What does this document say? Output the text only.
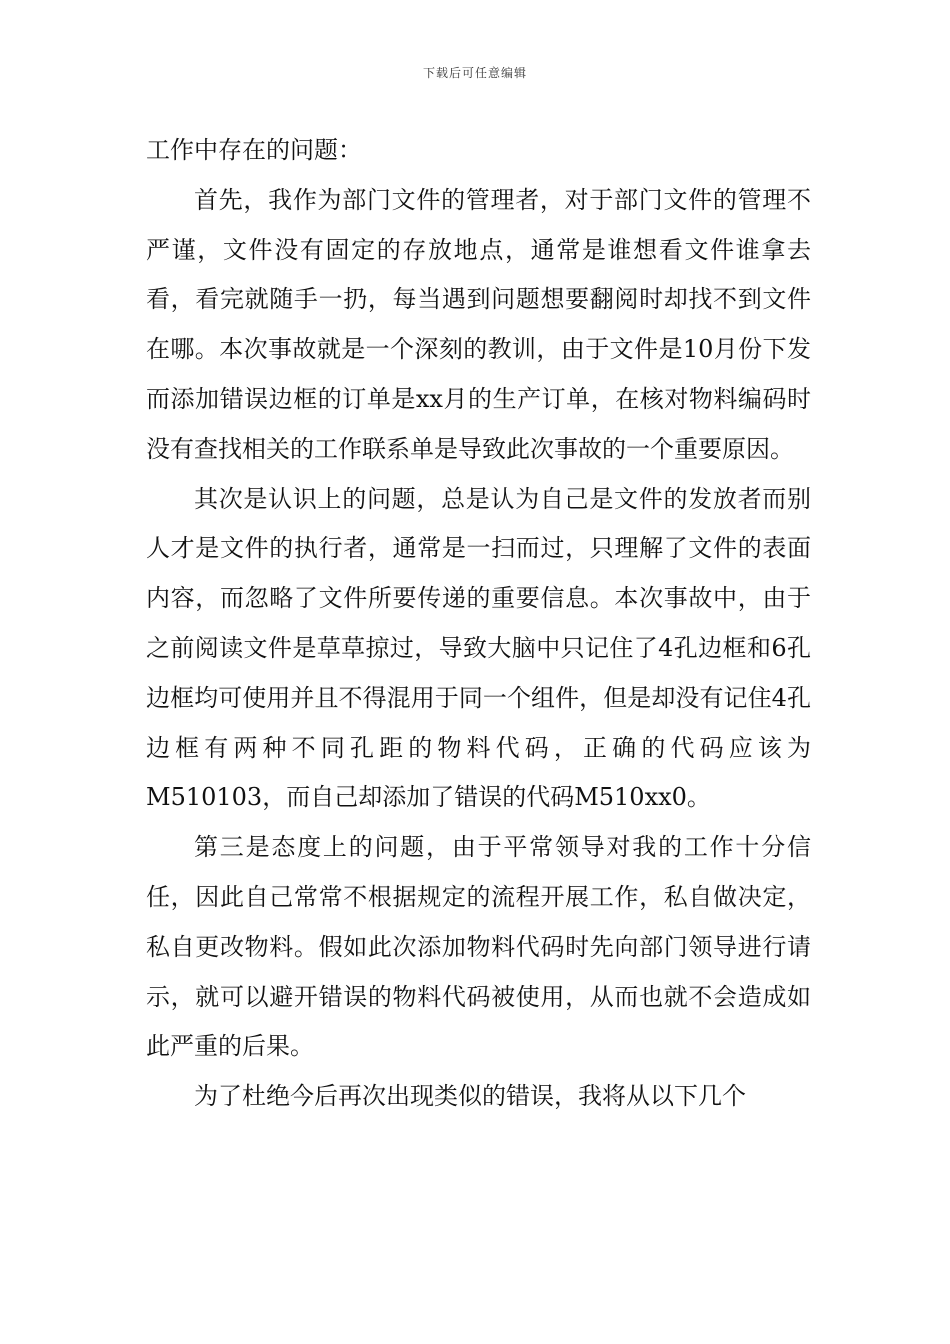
下载后可任意编辑

工作中存在的问题：

首先，我作为部门文件的管理者，对于部门文件的管理不严谨，文件没有固定的存放地点，通常是谁想看文件谁拿去看，看完就随手一扔，每当遇到问题想要翻阅时却找不到文件在哪。本次事故就是一个深刻的教训，由于文件是10月份下发而添加错误边框的订单是xx月的生产订单，在核对物料编码时没有查找相关的工作联系单是导致此次事故的一个重要原因。

其次是认识上的问题，总是认为自己是文件的发放者而别人才是文件的执行者，通常是一扫而过，只理解了文件的表面内容，而忽略了文件所要传递的重要信息。本次事故中，由于之前阅读文件是草草掠过，导致大脑中只记住了4孔边框和6孔边框均可使用并且不得混用于同一个组件，但是却没有记住4孔边框有两种不同孔距的物料代码，正确的代码应该为M510103，而自己却添加了错误的代码M510xx0。

第三是态度上的问题，由于平常领导对我的工作十分信任，因此自己常常不根据规定的流程开展工作，私自做决定，私自更改物料。假如此次添加物料代码时先向部门领导进行请示，就可以避开错误的物料代码被使用，从而也就不会造成如此严重的后果。

为了杜绝今后再次出现类似的错误，我将从以下几个
